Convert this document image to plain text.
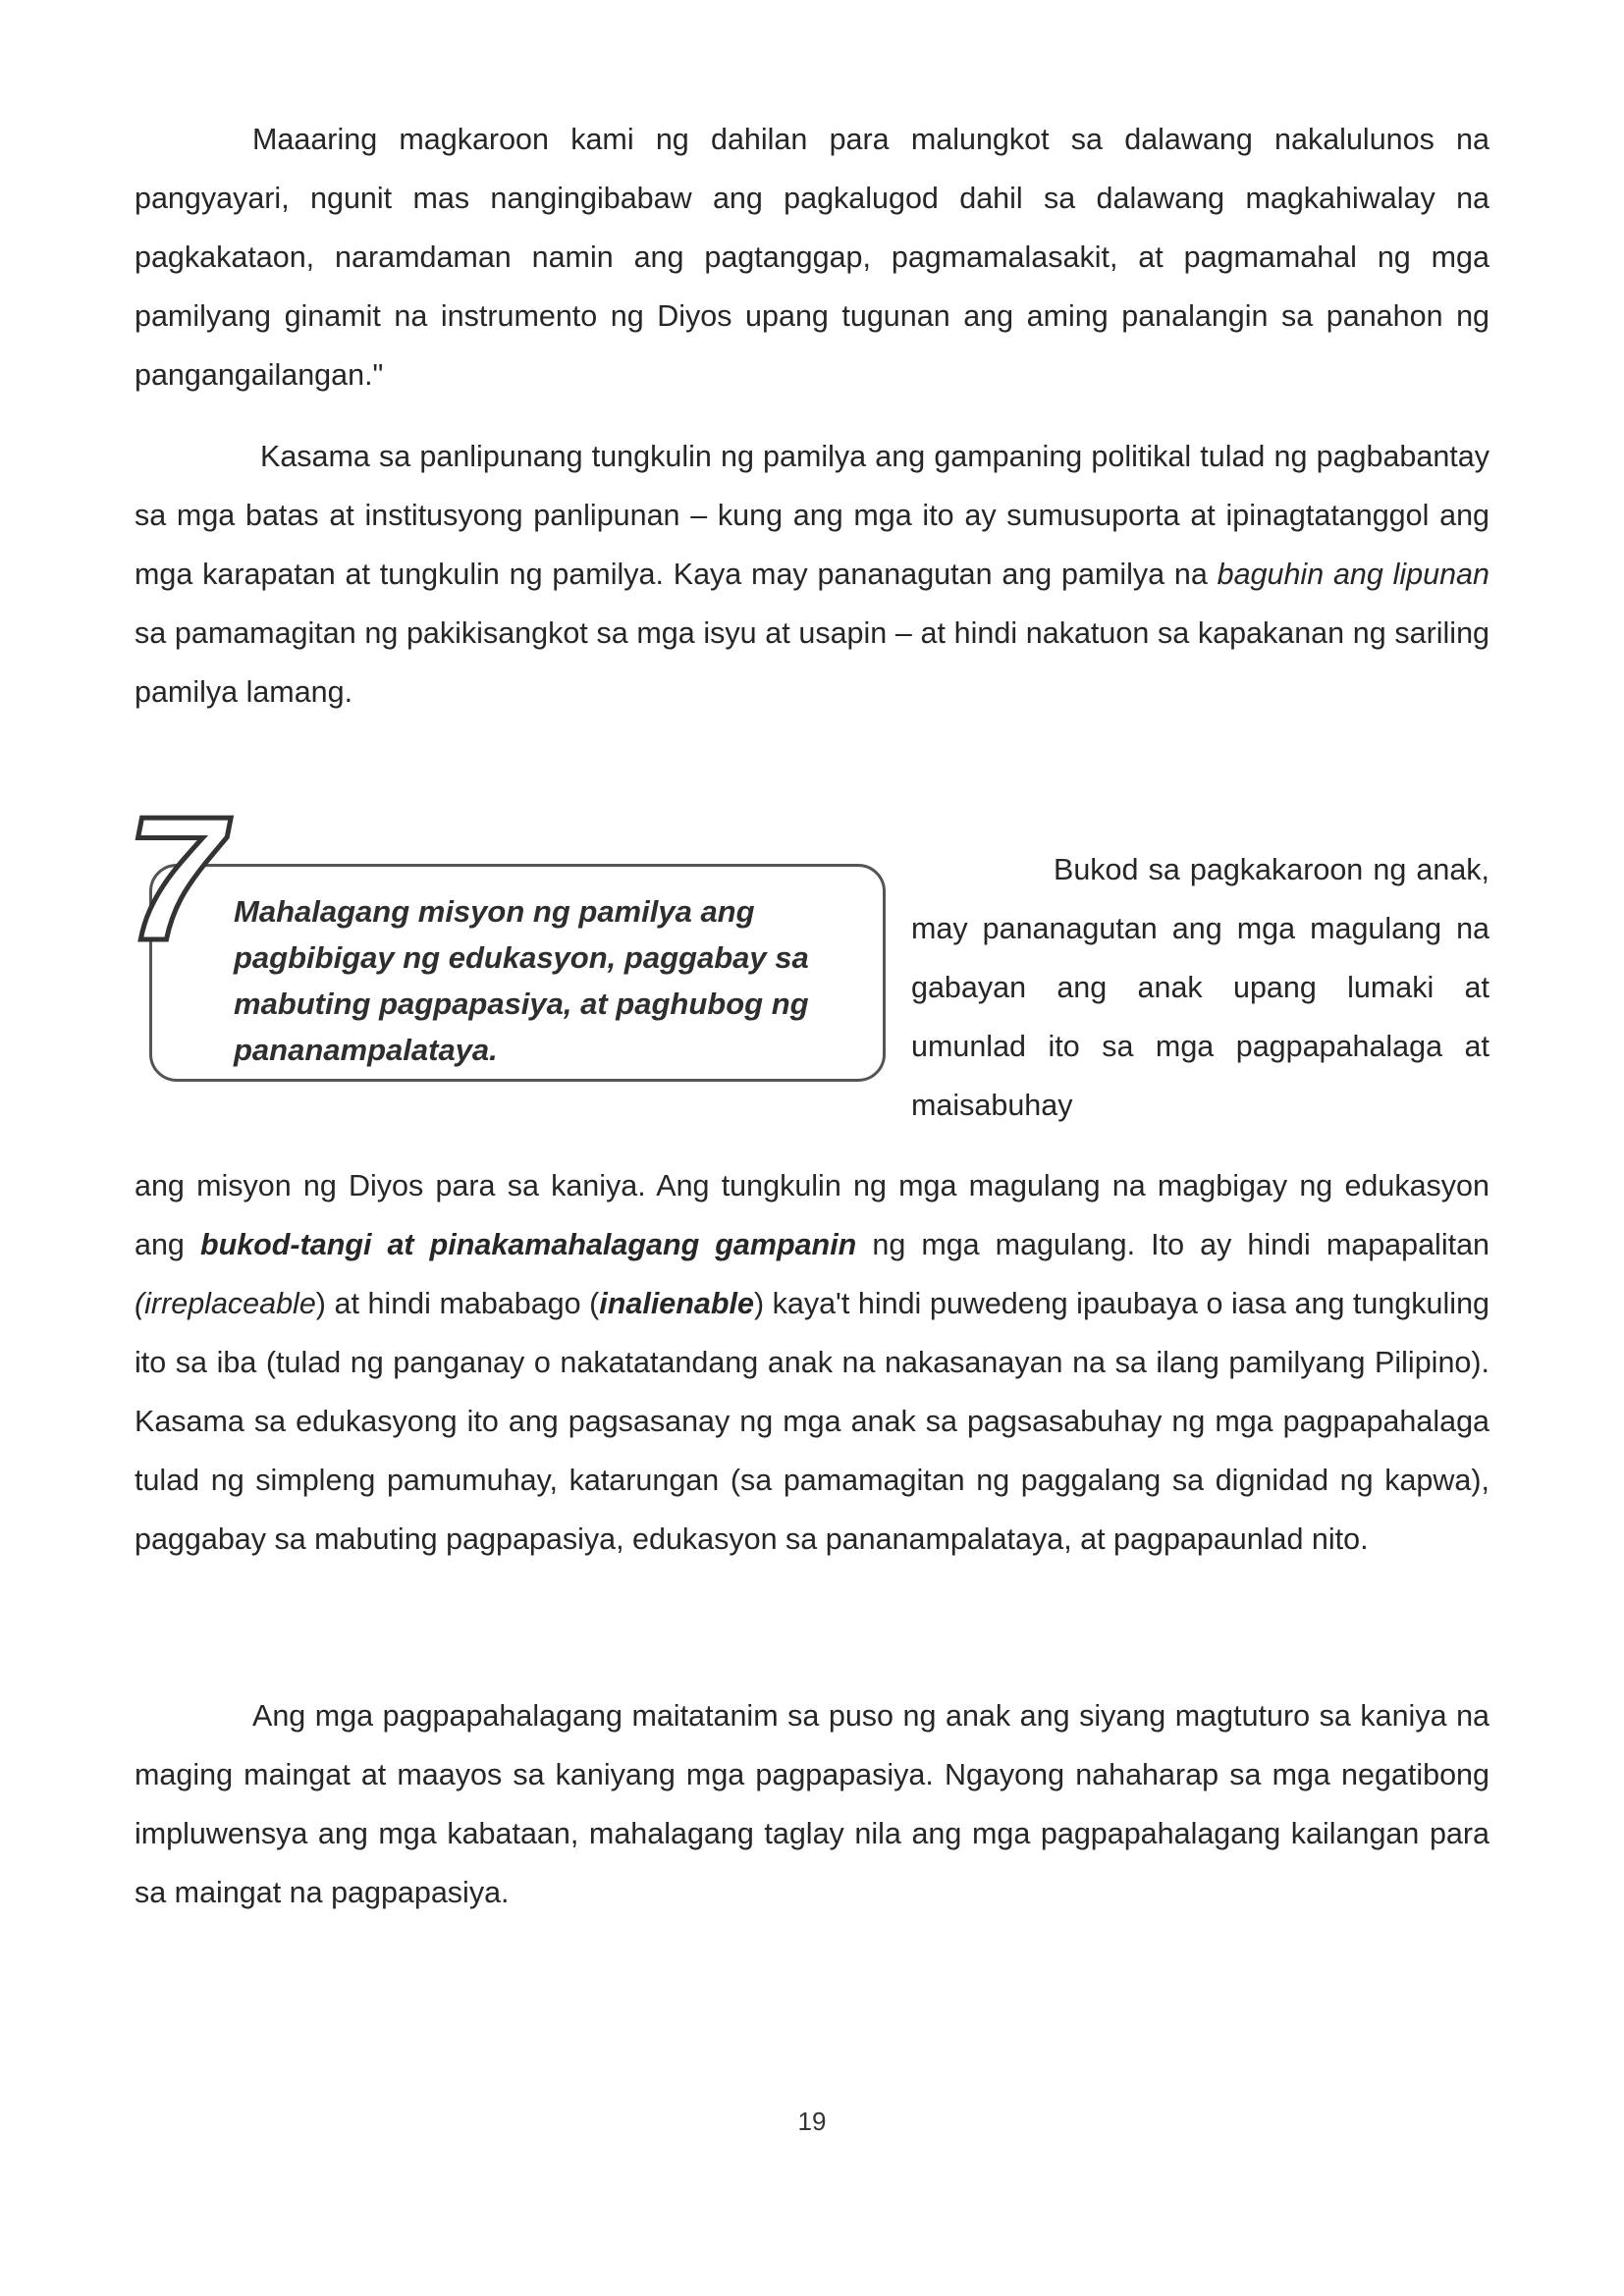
Maaaring magkaroon kami ng dahilan para malungkot sa dalawang nakalulunos na pangyayari, ngunit mas nangingibabaw ang pagkalugod dahil sa dalawang magkahiwalay na pagkakataon, naramdaman namin ang pagtanggap, pagmamalasakit, at pagmamahal ng mga pamilyang ginamit na instrumento ng Diyos upang tugunan ang aming panalangin sa panahon ng pangangailangan."

Kasama sa panlipunang tungkulin ng pamilya ang gampaning politikal tulad ng pagbabantay sa mga batas at institusyong panlipunan – kung ang mga ito ay sumusuporta at ipinagtatanggol ang mga karapatan at tungkulin ng pamilya. Kaya may pananagutan ang pamilya na baguhin ang lipunan sa pamamagitan ng pakikisangkot sa mga isyu at usapin – at hindi nakatuon sa kapakanan ng sariling pamilya lamang.

Mahalagang misyon ng pamilya ang pagbibigay ng edukasyon, paggabay sa mabuting pagpapasiya, at paghubog ng pananampalataya.

7	Bukod sa pagkakaroon ng anak, may pananagutan ang mga magulang na gabayan ang anak upang lumaki at umunlad ito sa mga pagpapahalaga at maisabuhay

ang misyon ng Diyos para sa kaniya. Ang tungkulin ng mga magulang na magbigay ng edukasyon ang bukod-tangi at pinakamahalagang gampanin ng mga magulang. Ito ay hindi mapapalitan (irreplaceable) at hindi mababago (inalienable) kaya't hindi puwedeng ipaubaya o iasa ang tungkuling ito sa iba (tulad ng panganay o nakatatandang anak na nakasanayan na sa ilang pamilyang Pilipino). Kasama sa edukasyong ito ang pagsasanay ng mga anak sa pagsasabuhay ng mga pagpapahalaga tulad ng simpleng pamumuhay, katarungan (sa pamamagitan ng paggalang sa dignidad ng kapwa), paggabay sa mabuting pagpapasiya, edukasyon sa pananampalataya, at pagpapaunlad nito.

Ang mga pagpapahalagang maitatanim sa puso ng anak ang siyang magtuturo sa kaniya na maging maingat at maayos sa kaniyang mga pagpapasiya. Ngayong nahaharap sa mga negatibong impluwensya ang mga kabataan, mahalagang taglay nila ang mga pagpapahalagang kailangan para sa maingat na pagpapasiya.

19
